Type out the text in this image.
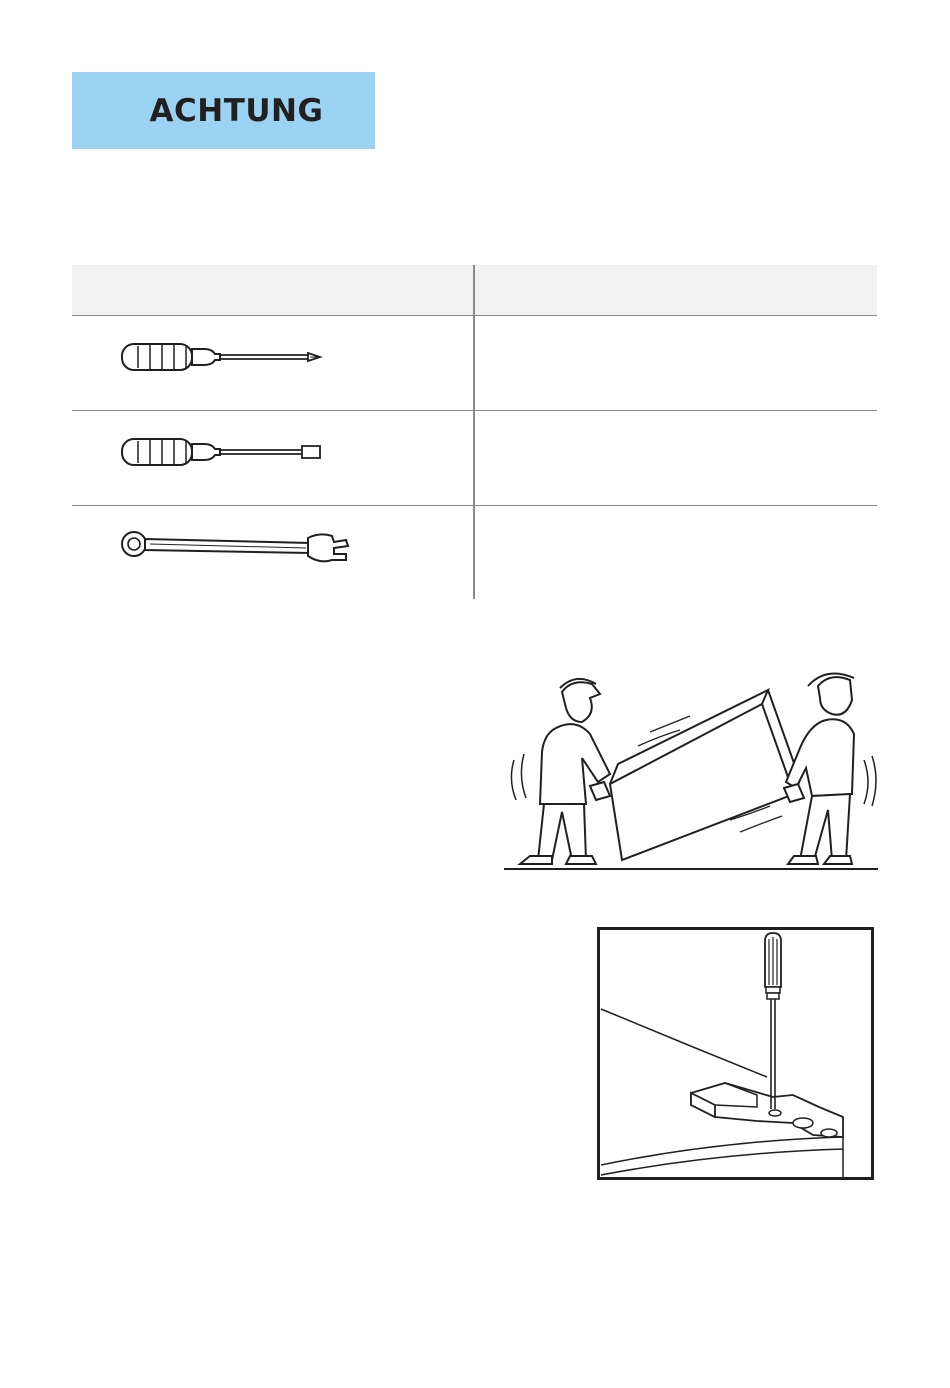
ACHTUNG
